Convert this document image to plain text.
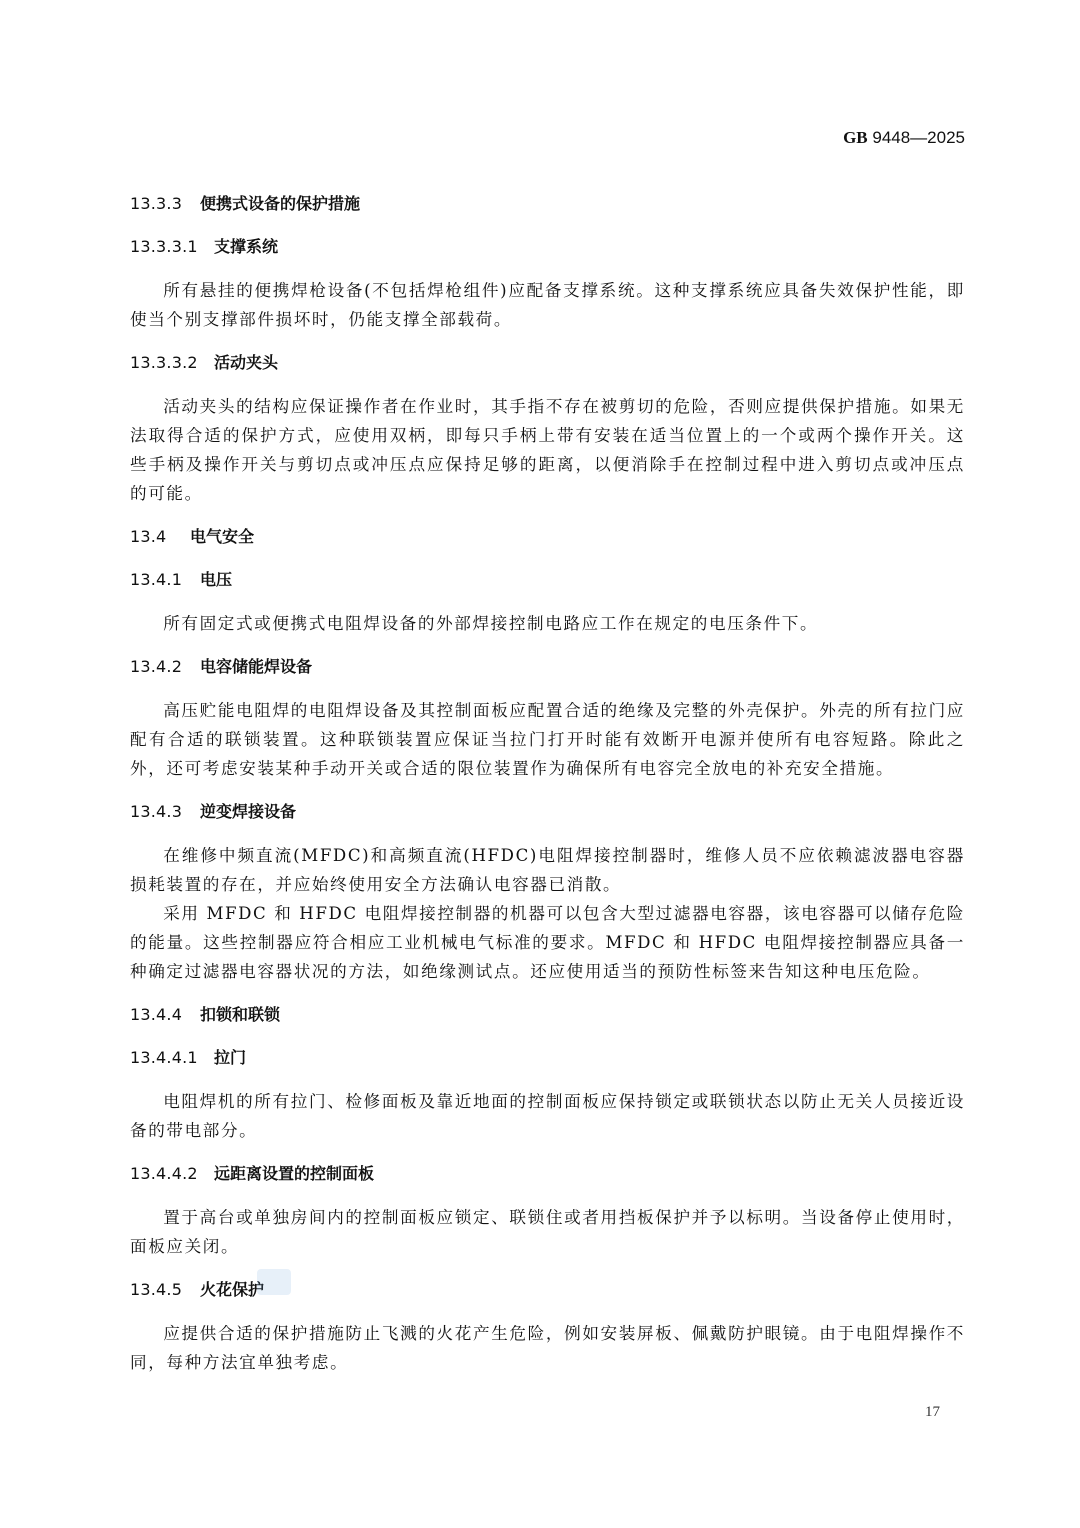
GB 9448—2025
13.3.3 便携式设备的保护措施
13.3.3.1 支撑系统
所有悬挂的便携焊枪设备(不包括焊枪组件)应配备支撑系统。这种支撑系统应具备失效保护性能，即使当个别支撑部件损坏时，仍能支撑全部载荷。
13.3.3.2 活动夹头
活动夹头的结构应保证操作者在作业时，其手指不存在被剪切的危险，否则应提供保护措施。如果无法取得合适的保护方式，应使用双柄，即每只手柄上带有安装在适当位置上的一个或两个操作开关。这些手柄及操作开关与剪切点或冲压点应保持足够的距离，以便消除手在控制过程中进入剪切点或冲压点的可能。
13.4 电气安全
13.4.1 电压
所有固定式或便携式电阻焊设备的外部焊接控制电路应工作在规定的电压条件下。
13.4.2 电容储能焊设备
高压贮能电阻焊的电阻焊设备及其控制面板应配置合适的绝缘及完整的外壳保护。外壳的所有拉门应配有合适的联锁装置。这种联锁装置应保证当拉门打开时能有效断开电源并使所有电容短路。除此之外，还可考虑安装某种手动开关或合适的限位装置作为确保所有电容完全放电的补充安全措施。
13.4.3 逆变焊接设备
在维修中频直流(MFDC)和高频直流(HFDC)电阻焊接控制器时，维修人员不应依赖滤波器电容器损耗装置的存在，并应始终使用安全方法确认电容器已消散。
采用 MFDC 和 HFDC 电阻焊接控制器的机器可以包含大型过滤器电容器，该电容器可以储存危险的能量。这些控制器应符合相应工业机械电气标准的要求。MFDC 和 HFDC 电阻焊接控制器应具备一种确定过滤器电容器状况的方法，如绝缘测试点。还应使用适当的预防性标签来告知这种电压危险。
13.4.4 扣锁和联锁
13.4.4.1 拉门
电阻焊机的所有拉门、检修面板及靠近地面的控制面板应保持锁定或联锁状态以防止无关人员接近设备的带电部分。
13.4.4.2 远距离设置的控制面板
置于高台或单独房间内的控制面板应锁定、联锁住或者用挡板保护并予以标明。当设备停止使用时，面板应关闭。
13.4.5 火花保护
应提供合适的保护措施防止飞溅的火花产生危险，例如安装屏板、佩戴防护眼镜。由于电阻焊操作不同，每种方法宜单独考虑。
17
